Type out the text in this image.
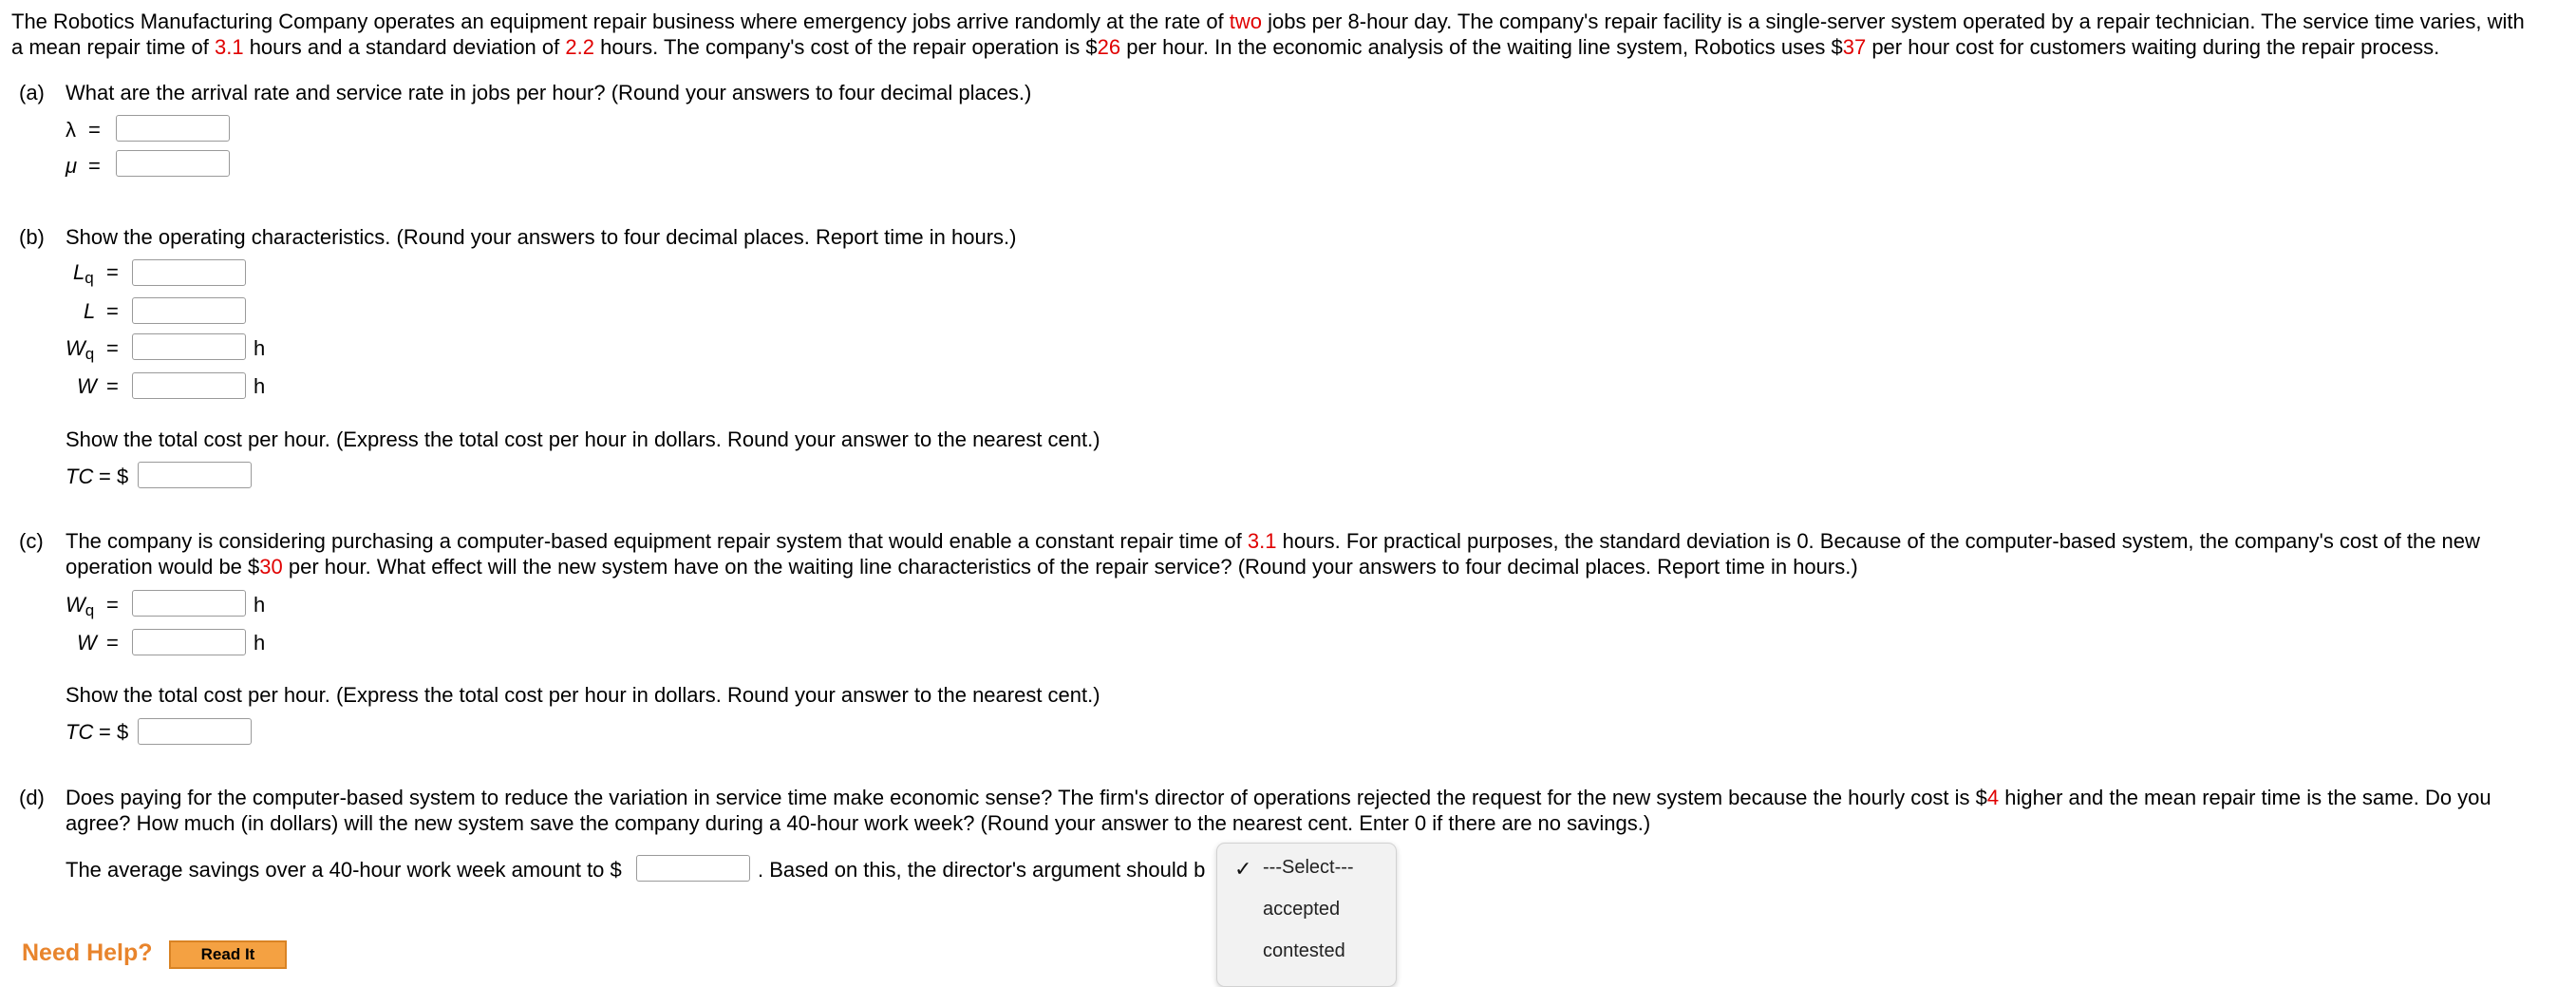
The Robotics Manufacturing Company operates an equipment repair business where emergency jobs arrive randomly at the rate of two jobs per 8-hour day. The company's repair facility is a single-server system operated by a repair technician. The service time varies, with
a mean repair time of 3.1 hours and a standard deviation of 2.2 hours. The company's cost of the repair operation is $26 per hour. In the economic analysis of the waiting line system, Robotics uses $37 per hour cost for customers waiting during the repair process.
(a) What are the arrival rate and service rate in jobs per hour? (Round your answers to four decimal places.)
λ =
μ =
(b) Show the operating characteristics. (Round your answers to four decimal places. Report time in hours.)
$L_q$ =
L =
$W_q$ =	h
W =	h
Show the total cost per hour. (Express the total cost per hour in dollars. Round your answer to the nearest cent.)
TC = $
(c) The company is considering purchasing a computer-based equipment repair system that would enable a constant repair time of 3.1 hours. For practical purposes, the standard deviation is 0. Because of the computer-based system, the company's cost of the new
operation would be $30 per hour. What effect will the new system have on the waiting line characteristics of the repair service? (Round your answers to four decimal places. Report time in hours.)
$W_q$ =	h
W =	h
Show the total cost per hour. (Express the total cost per hour in dollars. Round your answer to the nearest cent.)
TC = $
(d) Does paying for the computer-based system to reduce the variation in service time make economic sense? The firm's director of operations rejected the request for the new system because the hourly cost is $4 higher and the mean repair time is the same. Do you
agree? How much (in dollars) will the new system save the company during a 40-hour work week? (Round your answer to the nearest cent. Enter 0 if there are no savings.)
The average savings over a 40-hour work week amount to $	. Based on this, the director's argument should b ✓ ---Select---
accepted
contested
Need Help?	Read It
